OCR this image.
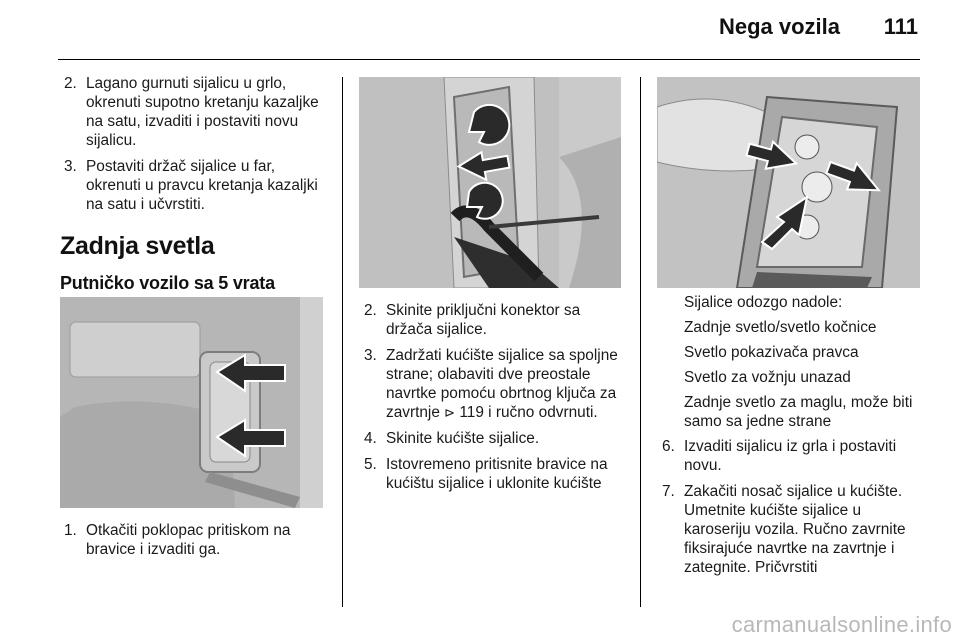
Nega vozila 111
2. Lagano gurnuti sijalicu u grlo, okrenuti supotno kretanju kazaljke na satu, izvaditi i postaviti novu sijalicu.
3. Postaviti držač sijalice u far, okrenuti u pravcu kretanja kazaljki na satu i učvrstiti.
Zadnja svetla
Putničko vozilo sa 5 vrata
1. Otkačiti poklopac pritiskom na bravice i izvaditi ga.
2. Skinite priključni konektor sa držača sijalice.
3. Zadržati kućište sijalice sa spoljne strane; olabaviti dve preostale navrtke pomoću obrtnog ključa za zavrtnje ⊳ 119 i ručno odvrnuti.
4. Skinite kućište sijalice.
5. Istovremeno pritisnite bravice na kućištu sijalice i uklonite kućište
Sijalice odozgo nadole:
Zadnje svetlo/svetlo kočnice
Svetlo pokazivača pravca
Svetlo za vožnju unazad
Zadnje svetlo za maglu, može biti samo sa jedne strane
6. Izvaditi sijalicu iz grla i postaviti novu.
7. Zakačiti nosač sijalice u kućište. Umetnite kućište sijalice u karoseriju vozila. Ručno zavrnite fiksirajuće navrtke na zavrtnje i zategnite. Pričvrstiti
carmanualsonline.info
